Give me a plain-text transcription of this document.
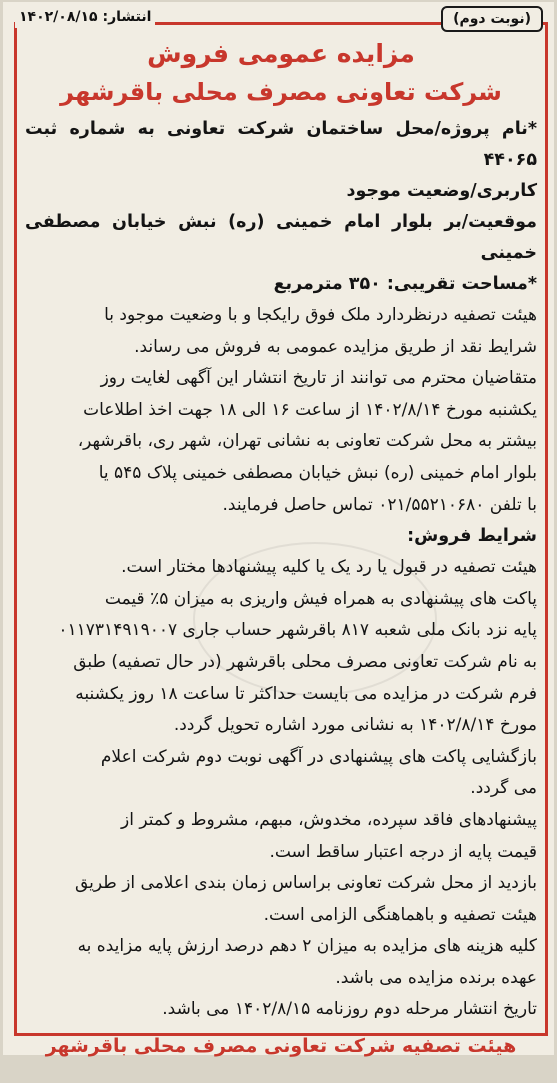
(نوبت دوم)
انتشار: ۱۴۰۲/۰۸/۱۵

مزایده عمومی فروش

شرکت تعاونی مصرف محلی باقرشهر

*نام پروژه/محل ساختمان شرکت تعاونی به شماره ثبت ۴۴۰۶۵

کاربری/وضعیت موجود

موقعیت/بر بلوار امام خمینی (ره) نبش خیابان مصطفی خمینی

*مساحت تقریبی: ۳۵۰ مترمربع

هیئت تصفیه درنظردارد ملک فوق رایکجا و با وضعیت موجود با

شرایط نقد از طریق مزایده عمومی به فروش می رساند.

متقاضیان محترم می توانند از تاریخ انتشار این آگهی لغایت روز

یکشنبه مورخ ۱۴۰۲/۸/۱۴ از ساعت ۱۶ الی ۱۸ جهت اخذ اطلاعات

بیشتر به محل شرکت تعاونی به نشانی تهران، شهر ری، باقرشهر،

بلوار امام خمینی (ره) نبش خیابان مصطفی خمینی پلاک ۵۴۵ یا

با تلفن ۰۲۱/۵۵۲۱۰۶۸۰ تماس حاصل فرمایند.

شرایط فروش:

هیئت تصفیه در قبول یا رد یک یا کلیه پیشنهادها مختار است.

پاکت های پیشنهادی به همراه فیش واریزی به میزان ۵٪ قیمت

پایه نزد بانک ملی شعبه ۸۱۷ باقرشهر حساب جاری ۰۱۱۷۳۱۴۹۱۹۰۰۷

به نام شرکت تعاونی مصرف محلی باقرشهر (در حال تصفیه) طبق

فرم شرکت در مزایده می بایست حداکثر تا ساعت ۱۸ روز یکشنبه

مورخ ۱۴۰۲/۸/۱۴ به نشانی مورد اشاره تحویل گردد.

بازگشایی پاکت های پیشنهادی در آگهی نوبت دوم شرکت اعلام

می گردد.

پیشنهادهای فاقد سپرده، مخدوش، مبهم، مشروط و کمتر از

قیمت پایه از درجه اعتبار ساقط است.

بازدید از محل شرکت تعاونی براساس زمان بندی اعلامی از طریق

هیئت تصفیه و باهماهنگی الزامی است.

کلیه هزینه های مزایده به میزان ۲ دهم درصد ارزش پایه مزایده به

عهده برنده مزایده می باشد.

تاریخ انتشار مرحله دوم روزنامه ۱۴۰۲/۸/۱۵ می باشد.

هیئت تصفیه شرکت تعاونی مصرف محلی باقرشهر
